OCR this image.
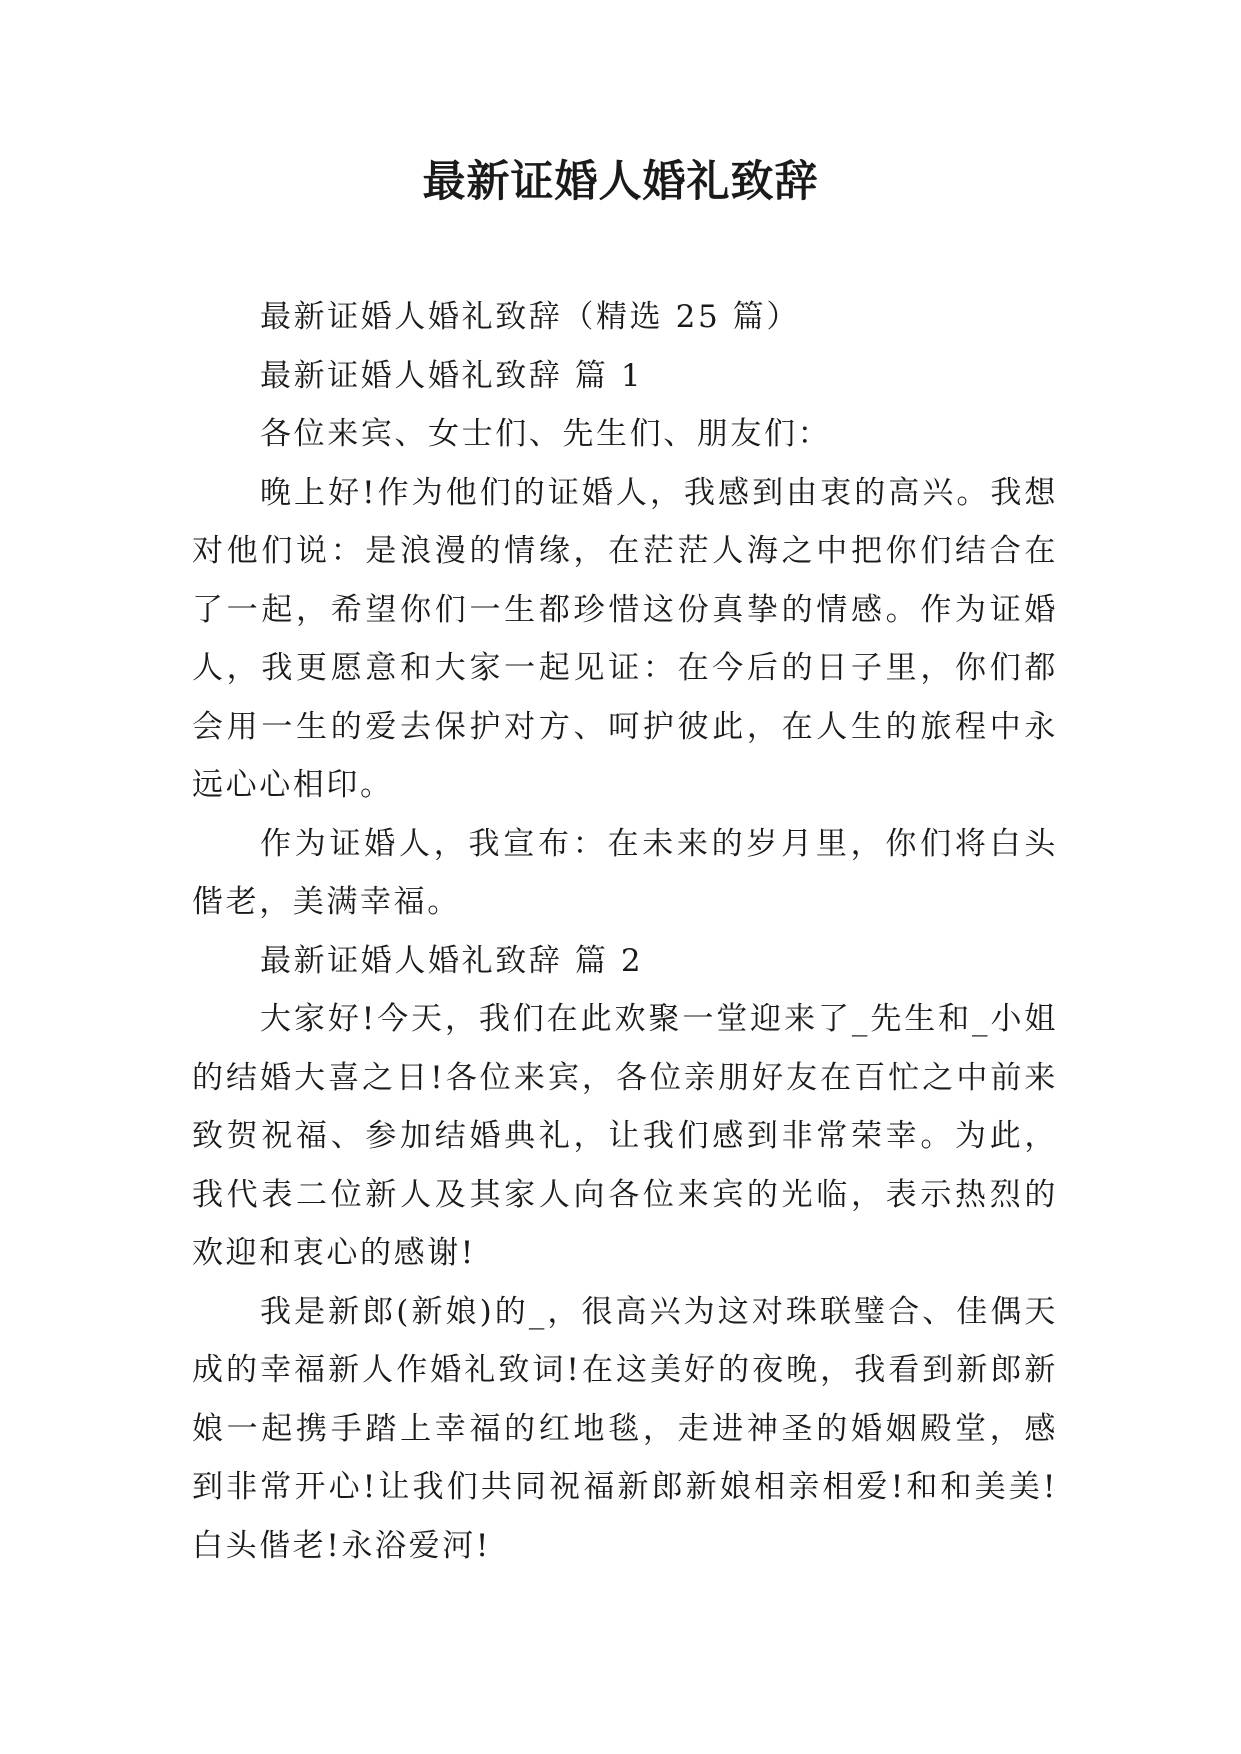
最新证婚人婚礼致辞

最新证婚人婚礼致辞（精选 25 篇）

最新证婚人婚礼致辞 篇 1

各位来宾、女士们、先生们、朋友们：

晚上好!作为他们的证婚人，我感到由衷的高兴。我想对他们说：是浪漫的情缘，在茫茫人海之中把你们结合在了一起，希望你们一生都珍惜这份真挚的情感。作为证婚人，我更愿意和大家一起见证：在今后的日子里，你们都会用一生的爱去保护对方、呵护彼此，在人生的旅程中永远心心相印。

作为证婚人，我宣布：在未来的岁月里，你们将白头偕老，美满幸福。

最新证婚人婚礼致辞 篇 2

大家好!今天，我们在此欢聚一堂迎来了_先生和_小姐的结婚大喜之日!各位来宾，各位亲朋好友在百忙之中前来致贺祝福、参加结婚典礼，让我们感到非常荣幸。为此，我代表二位新人及其家人向各位来宾的光临，表示热烈的欢迎和衷心的感谢!

我是新郎(新娘)的_，很高兴为这对珠联璧合、佳偶天成的幸福新人作婚礼致词!在这美好的夜晚，我看到新郎新娘一起携手踏上幸福的红地毯，走进神圣的婚姻殿堂，感到非常开心!让我们共同祝福新郎新娘相亲相爱!和和美美!白头偕老!永浴爱河!
